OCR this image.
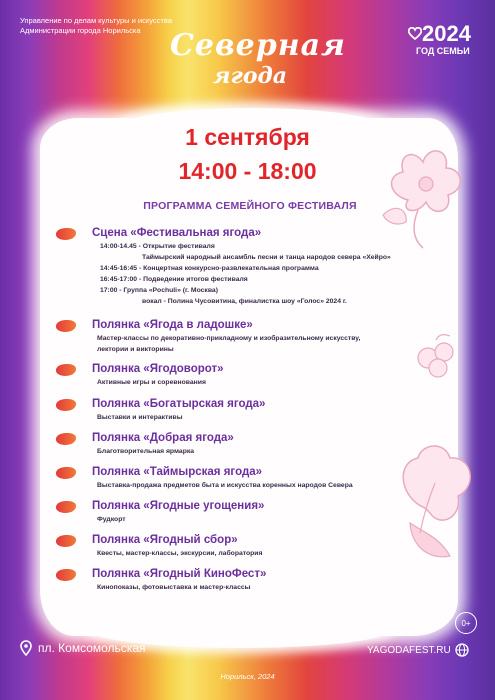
Управление по делам культуры и искусства
Администрации города Норильска Северная
ягода
2024
ГОД СЕМЬИ
1 сентября
14:00 - 18:00
ПРОГРАММА СЕМЕЙНОГО ФЕСТИВАЛЯ
Сцена «Фестивальная ягода»
14:00-14.45 - Открытие фестиваля
Таймырский народный ансамбль песни и танца народов севера «Хейро»
14:45-16:45 - Концертная конкурсно-развлекательная программа
16:45-17:00 - Подведение итогов фестиваля
17:00 - Группа «Pochuli» (г. Москва)
вокал - Полина Чусовитина, финалистка шоу «Голос» 2024 г.
Полянка «Ягода в ладошке»
Мастер-классы по декоративно-прикладному и изобразительному искусству,
лектории и викторины
Полянка «Ягодоворот»
Активные игры и соревнования
Полянка «Богатырская ягода»
Выставки и интерактивы
Полянка «Добрая ягода»
Благотворительная ярмарка
Полянка «Таймырская ягода»
Выставка-продажа предметов быта и искусства коренных народов Севера
Полянка «Ягодные угощения»
Фудкорт
Полянка «Ягодный сбор»
Квесты, мастер-классы, экскурсии, лаборатория
Полянка «Ягодный КиноФест»
Кинопоказы, фотовыставка и мастер-классы
0+
пл. Комсомольская	YAGODAFEST.RU
Норильск, 2024
